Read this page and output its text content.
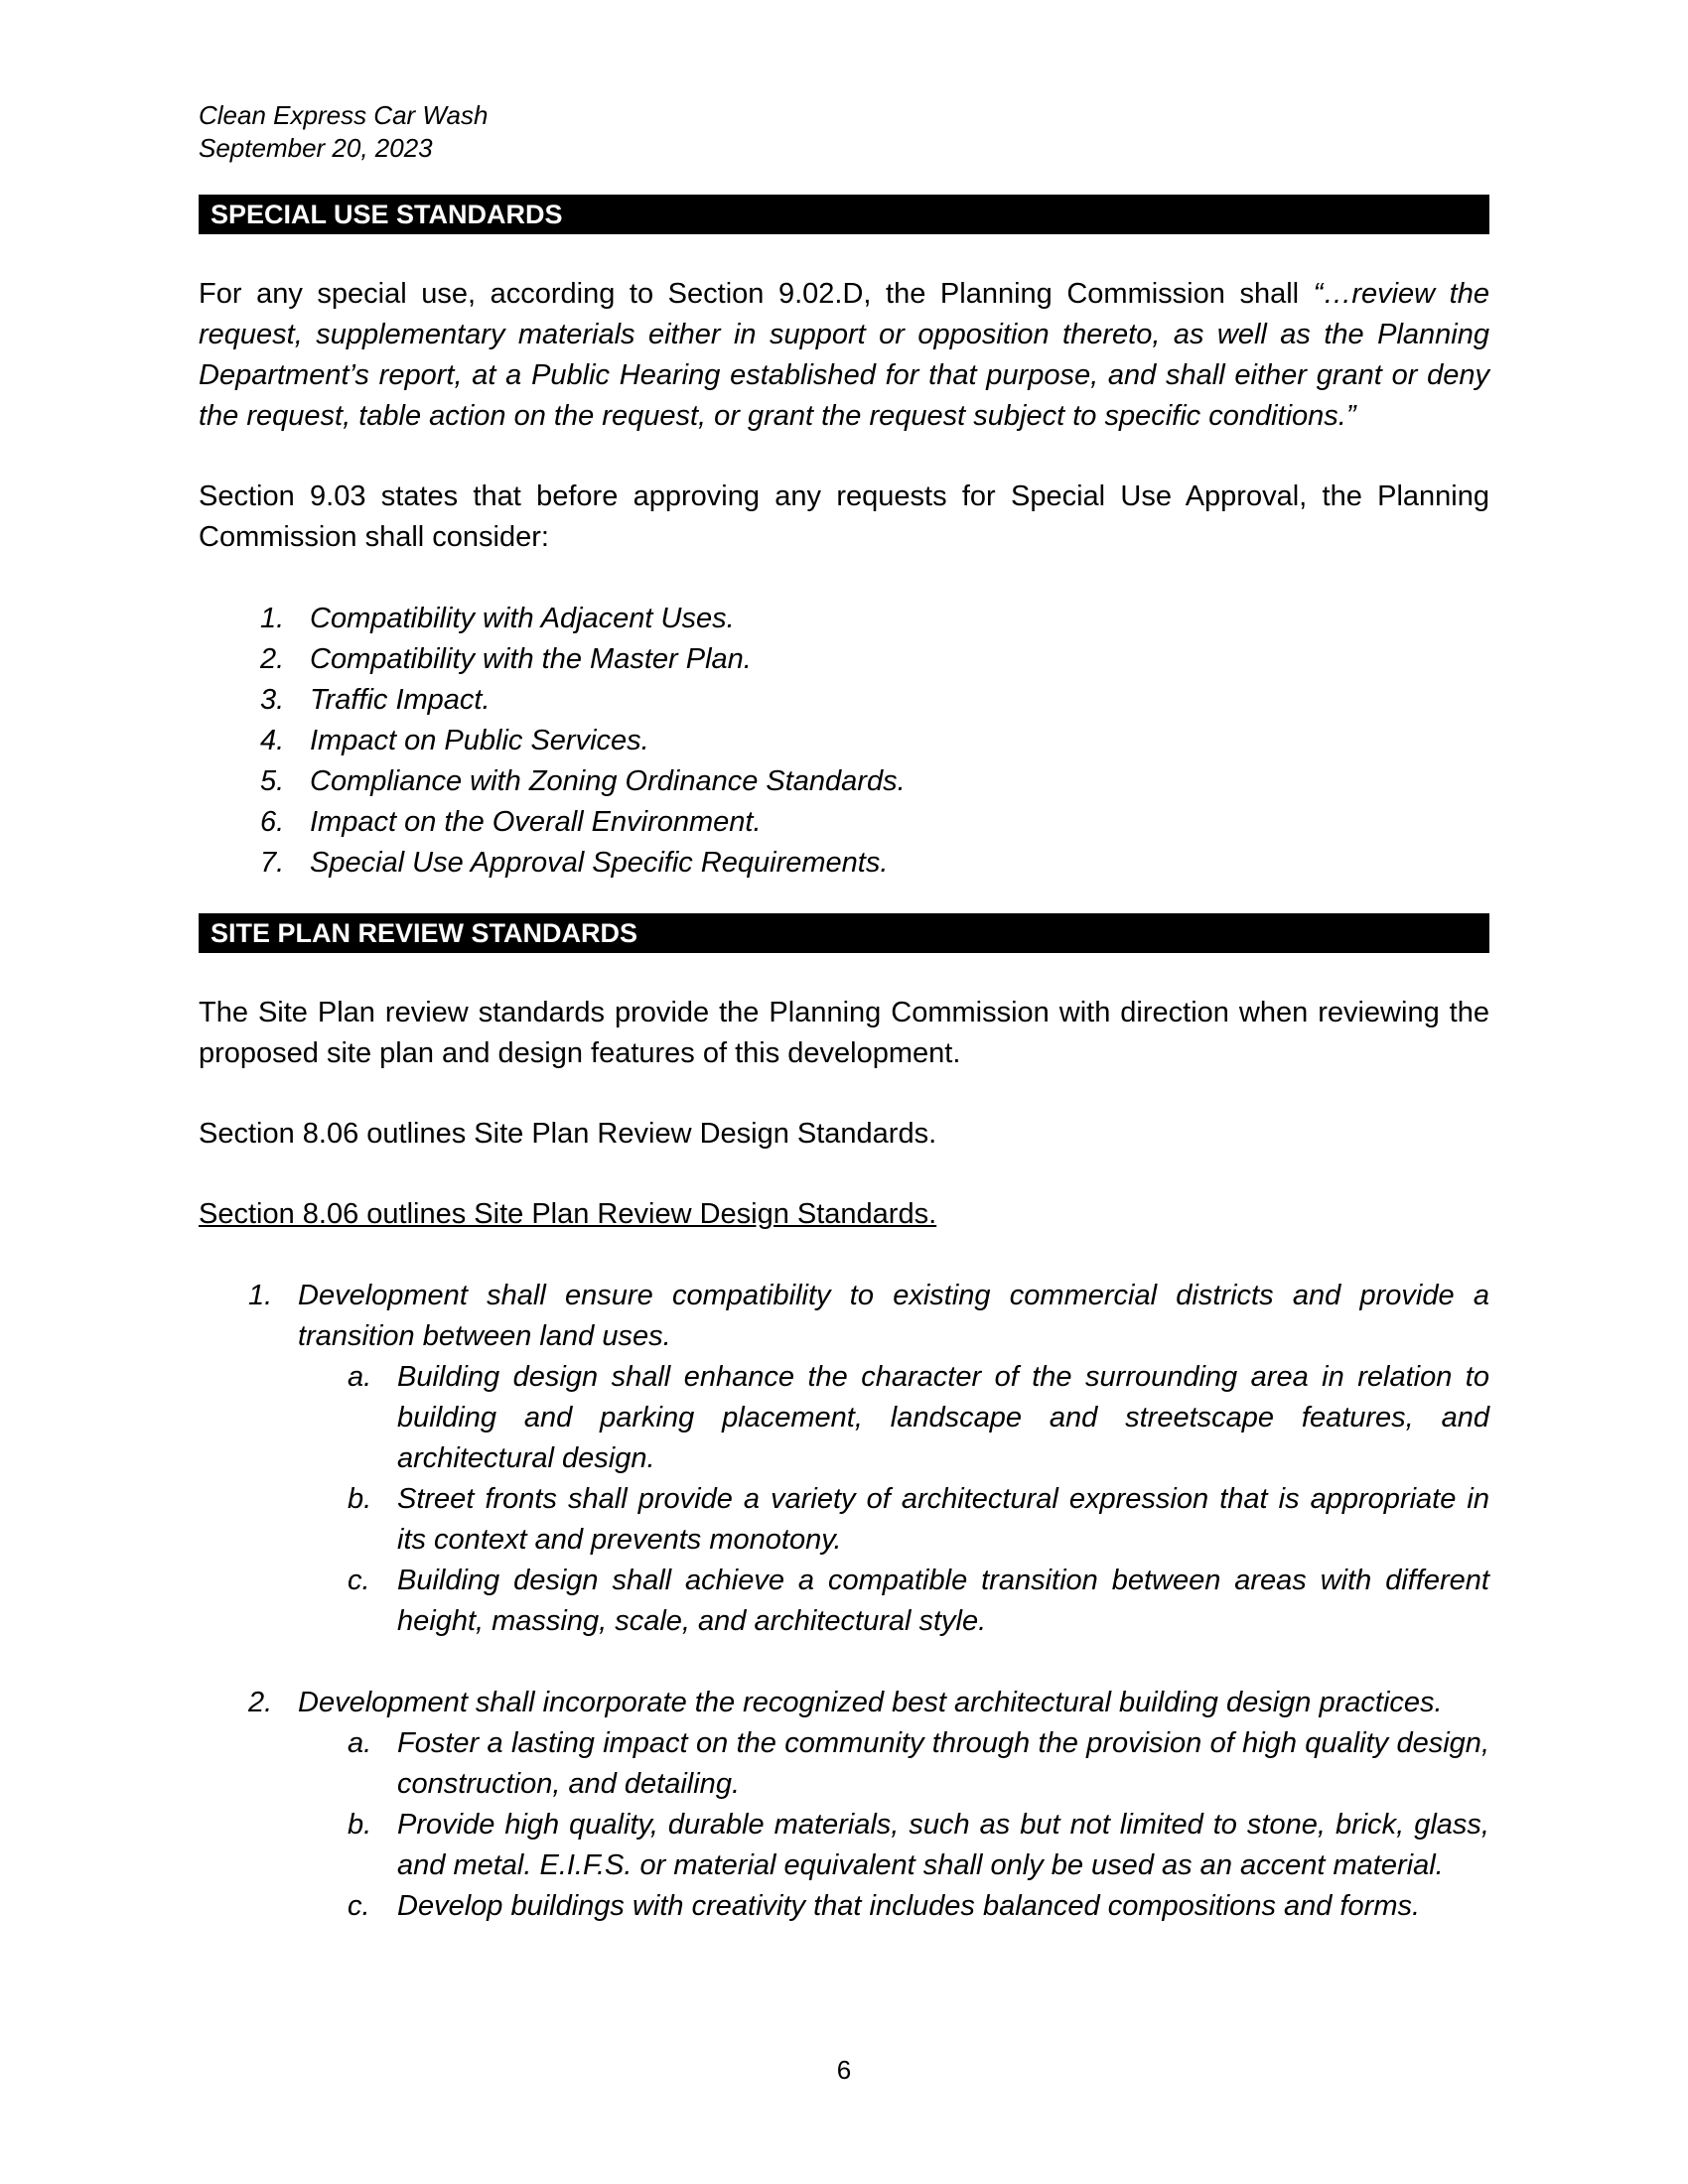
Clean Express Car Wash
September 20, 2023
SPECIAL USE STANDARDS

For any special use, according to Section 9.02.D, the Planning Commission shall “…review the request, supplementary materials either in support or opposition thereto, as well as the Planning Department’s report, at a Public Hearing established for that purpose, and shall either grant or deny the request, table action on the request, or grant the request subject to specific conditions.”

Section 9.03 states that before approving any requests for Special Use Approval, the Planning Commission shall consider:

1. Compatibility with Adjacent Uses.
2. Compatibility with the Master Plan.
3. Traffic Impact.
4. Impact on Public Services.
5. Compliance with Zoning Ordinance Standards.
6. Impact on the Overall Environment.
7. Special Use Approval Specific Requirements.
SITE PLAN REVIEW STANDARDS

The Site Plan review standards provide the Planning Commission with direction when reviewing the proposed site plan and design features of this development.

Section 8.06 outlines Site Plan Review Design Standards.

Section 8.06 outlines Site Plan Review Design Standards.

1. Development shall ensure compatibility to existing commercial districts and provide a transition between land uses.
a. Building design shall enhance the character of the surrounding area in relation to building and parking placement, landscape and streetscape features, and architectural design.
b. Street fronts shall provide a variety of architectural expression that is appropriate in its context and prevents monotony.
c. Building design shall achieve a compatible transition between areas with different height, massing, scale, and architectural style.
2. Development shall incorporate the recognized best architectural building design practices.
a. Foster a lasting impact on the community through the provision of high quality design, construction, and detailing.
b. Provide high quality, durable materials, such as but not limited to stone, brick, glass, and metal. E.I.F.S. or material equivalent shall only be used as an accent material.
c. Develop buildings with creativity that includes balanced compositions and forms.
6
